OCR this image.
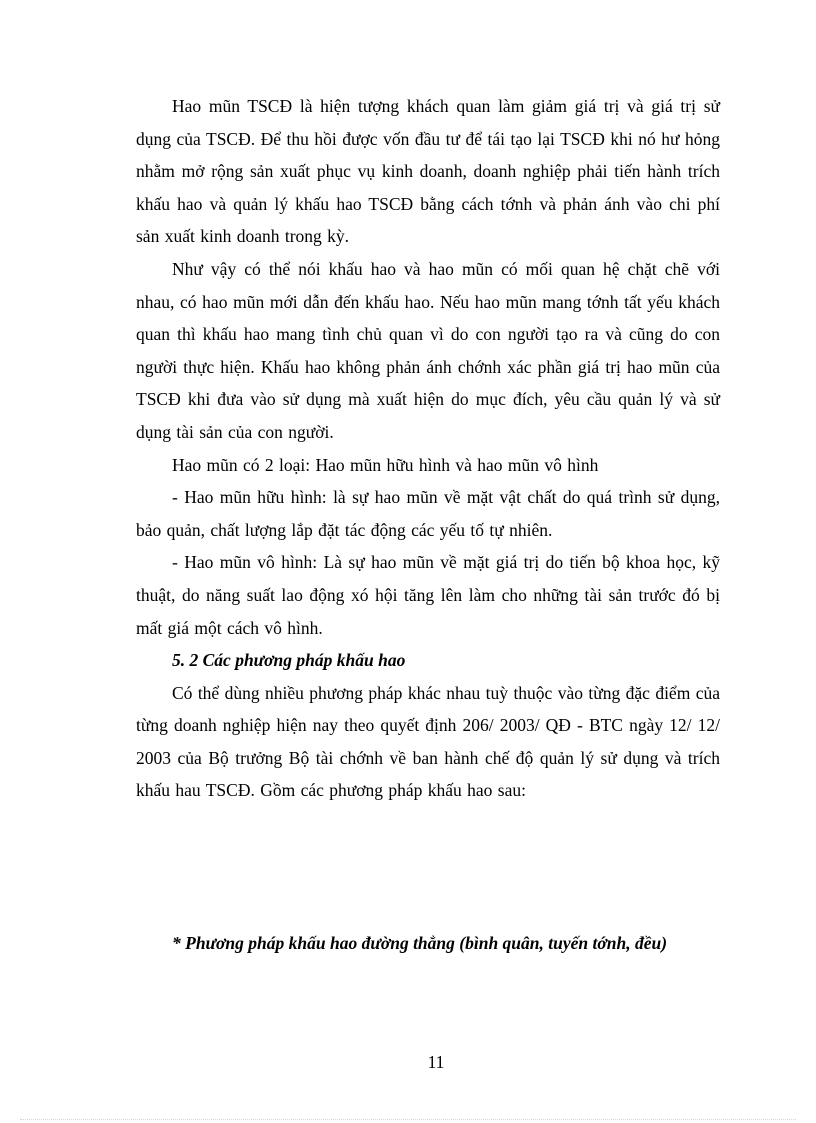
Hao mũn TSCĐ là hiện tượng khách quan làm giảm giá trị và giá trị sử dụng của TSCĐ. Để thu hồi được vốn đầu tư để tái tạo lại TSCĐ khi nó hư hỏng nhằm mở rộng sản xuất phục vụ kinh doanh, doanh nghiệp phải tiến hành trích khấu hao và quản lý khấu hao TSCĐ bằng cách tớnh và phản ánh vào chi phí sản xuất kinh doanh trong kỳ.

Như vậy có thể nói khấu hao và hao mũn có mối quan hệ chặt chẽ với nhau, có hao mũn mới dẫn đến khấu hao. Nếu hao mũn mang tớnh tất yếu khách quan thì khấu hao mang tình chủ quan vì do con người tạo ra và cũng do con người thực hiện. Khấu hao không phản ánh chớnh xác phần giá trị hao mũn của TSCĐ khi đưa vào sử dụng mà xuất hiện do mục đích, yêu cầu quản lý và sử dụng tài sản của con người.

Hao mũn có 2 loại: Hao mũn hữu hình và hao mũn vô hình

- Hao mũn hữu hình: là sự hao mũn về mặt vật chất do quá trình sử dụng, bảo quản, chất lượng lắp đặt tác động các yếu tố tự nhiên.

- Hao mũn vô hình: Là sự hao mũn về mặt giá trị do tiến bộ khoa học, kỹ thuật, do năng suất lao động xó hội tăng lên làm cho những tài sản trước đó bị mất giá một cách vô hình.

5. 2 Các phương pháp khấu hao

Có thể dùng nhiều phương pháp khác nhau tuỳ thuộc vào từng đặc điểm của từng doanh nghiệp hiện nay theo quyết định 206/ 2003/ QĐ - BTC ngày 12/ 12/ 2003 của Bộ trưởng Bộ tài chớnh về ban hành chế độ quản lý sử dụng và trích khấu hau TSCĐ. Gồm các phương pháp khấu hao sau:

* Phương pháp khấu hao đường thẳng (bình quân, tuyến tớnh, đều)
11
